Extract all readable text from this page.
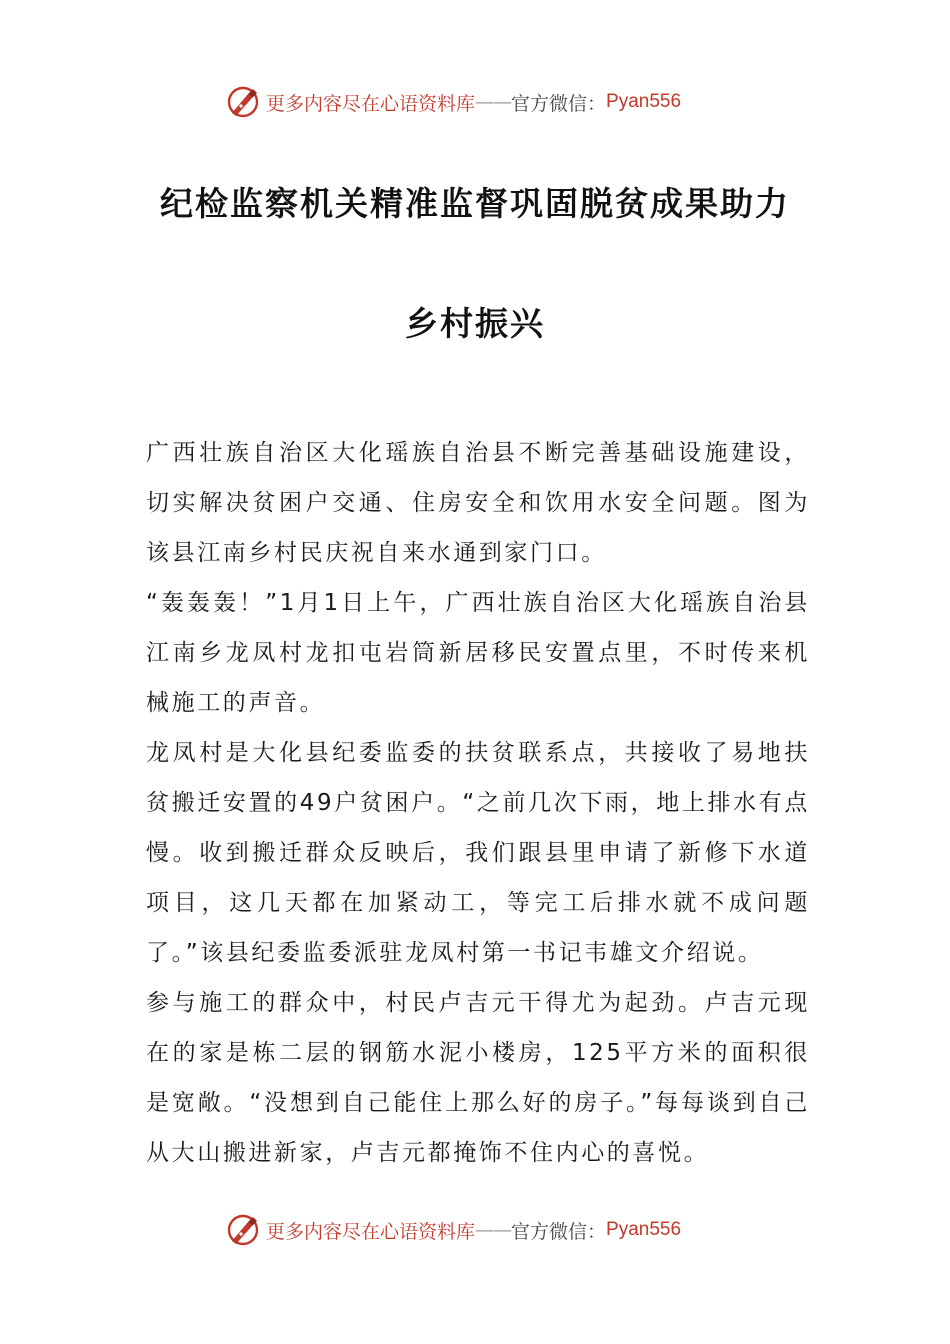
更多内容尽在心语资料库 —— 官方微信： Pyan556
纪检监察机关精准监督巩固脱贫成果助力
乡村振兴

广西壮族自治区大化瑶族自治县不断完善基础设施建设，切实解决贫困户交通、住房安全和饮用水安全问题。图为该县江南乡村民庆祝自来水通到家门口。

“轰轰轰！”1月1日上午，广西壮族自治区大化瑶族自治县江南乡龙凤村龙扣屯岩筒新居移民安置点里，不时传来机械施工的声音。

龙凤村是大化县纪委监委的扶贫联系点，共接收了易地扶贫搬迁安置的49户贫困户。“之前几次下雨，地上排水有点慢。收到搬迁群众反映后，我们跟县里申请了新修下水道项目，这几天都在加紧动工，等完工后排水就不成问题了。”该县纪委监委派驻龙凤村第一书记韦雄文介绍说。

参与施工的群众中，村民卢吉元干得尤为起劲。卢吉元现在的家是栋二层的钢筋水泥小楼房，125平方米的面积很是宽敞。“没想到自己能住上那么好的房子。”每每谈到自己从大山搬进新家，卢吉元都掩饰不住内心的喜悦。

更多内容尽在心语资料库 —— 官方微信： Pyan556
